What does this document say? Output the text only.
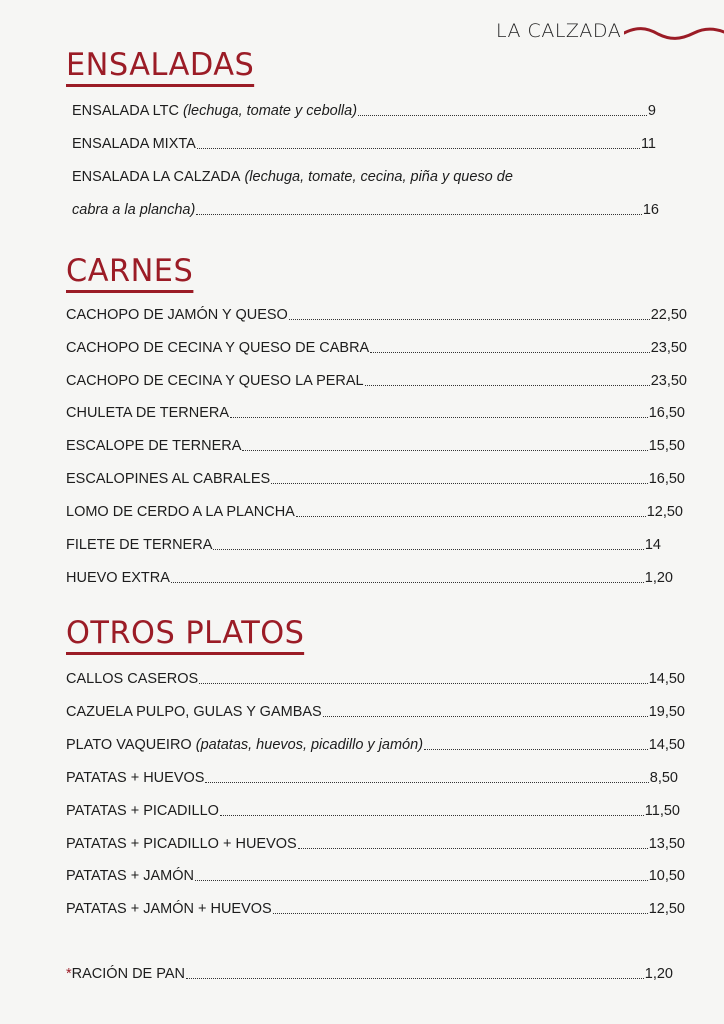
LA CALZADA
ENSALADAS
ENSALADA LTC
(lechuga, tomate y cebolla)	9
ENSALADA MIXTA	11
ENSALADA LA CALZADA
(lechuga, tomate, cecina, piña y queso de
cabra a la plancha)	16
CARNES
CACHOPO DE JAMÓN Y QUESO	22,50
CACHOPO DE CECINA Y QUESO DE CABRA	23,50
CACHOPO DE CECINA Y QUESO LA PERAL	23,50
CHULETA DE TERNERA	16,50
ESCALOPE DE TERNERA	15,50
ESCALOPINES AL CABRALES	16,50
LOMO DE CERDO A LA PLANCHA	12,50
FILETE DE TERNERA	14
HUEVO EXTRA	1,20
OTROS PLATOS
CALLOS CASEROS	14,50
CAZUELA PULPO, GULAS Y GAMBAS	19,50
PLATO VAQUEIRO
(patatas, huevos, picadillo y jamón)	14,50
PATATAS + HUEVOS	8,50
PATATAS + PICADILLO	11,50
PATATAS + PICADILLO + HUEVOS	13,50
PATATAS + JAMÓN	10,50
PATATAS + JAMÓN + HUEVOS	12,50
*RACIÓN DE PAN	1,20
